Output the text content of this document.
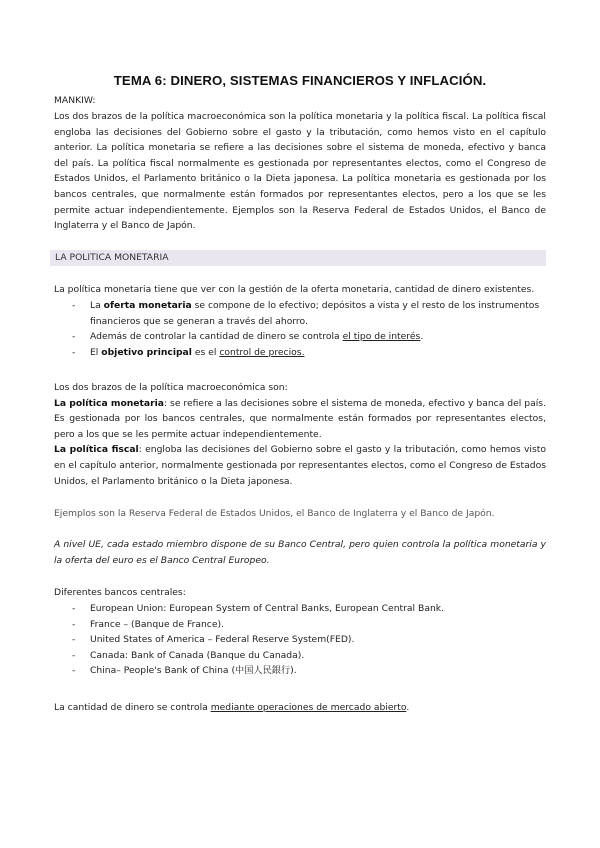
TEMA 6: DINERO, SISTEMAS FINANCIEROS Y INFLACIÓN.
MANKIW:
Los dos brazos de la política macroeconómica son la política monetaria y la política fiscal. La política fiscal engloba las decisiones del Gobierno sobre el gasto y la tributación, como hemos visto en el capítulo anterior. La política monetaria se refiere a las decisiones sobre el sistema de moneda, efectivo y banca del país. La política fiscal normalmente es gestionada por representantes electos, como el Congreso de Estados Unidos, el Parlamento británico o la Dieta japonesa. La política monetaria es gestionada por los bancos centrales, que normalmente están formados por representantes electos, pero a los que se les permite actuar independientemente. Ejemplos son la Reserva Federal de Estados Unidos, el Banco de Inglaterra y el Banco de Japón.
LA POLITICA MONETARIA
La política monetaria tiene que ver con la gestión de la oferta monetaria, cantidad de dinero existentes.
- La oferta monetaria se compone de lo efectivo; depósitos a vista y el resto de los instrumentos financieros que se generan a través del ahorro.
- Además de controlar la cantidad de dinero se controla el tipo de interés.
- El objetivo principal es el control de precios.
Los dos brazos de la política macroeconómica son:
La política monetaria: se refiere a las decisiones sobre el sistema de moneda, efectivo y banca del país. Es gestionada por los bancos centrales, que normalmente están formados por representantes electos, pero a los que se les permite actuar independientemente.
La política fiscal: engloba las decisiones del Gobierno sobre el gasto y la tributación, como hemos visto en el capítulo anterior, normalmente gestionada por representantes electos, como el Congreso de Estados Unidos, el Parlamento británico o la Dieta japonesa.
Ejemplos son la Reserva Federal de Estados Unidos, el Banco de Inglaterra y el Banco de Japón.
A nivel UE, cada estado miembro dispone de su Banco Central, pero quien controla la política monetaria y la oferta del euro es el Banco Central Europeo.
Diferentes bancos centrales:
- European Union: European System of Central Banks, European Central Bank.
- France – (Banque de France).
- United States of America – Federal Reserve System(FED).
- Canada: Bank of Canada (Banque du Canada).
- China– People's Bank of China (中国人民銀行).
La cantidad de dinero se controla mediante operaciones de mercado abierto.
